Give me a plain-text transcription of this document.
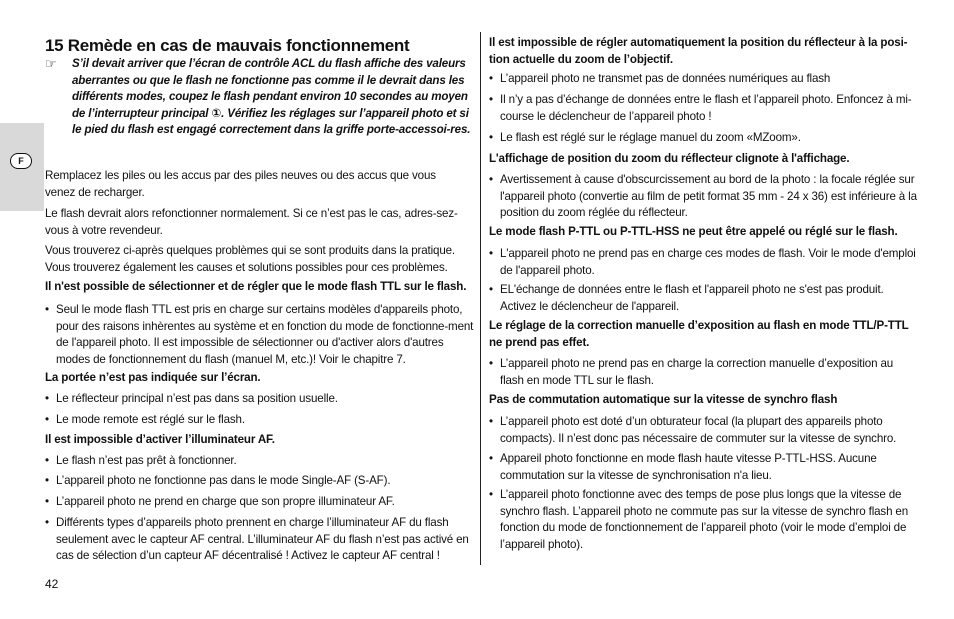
F
15 Remède en cas de mauvais fonctionnement
☞ S’il devait arriver que l’écran de contrôle ACL du flash affiche des valeurs aberrantes ou que le flash ne fonctionne pas comme il le devrait dans les différents modes, coupez le flash pendant environ 10 secondes au moyen de l’interrupteur principal ①. Vérifiez les réglages sur l’appareil photo et si le pied du flash est engagé correctement dans la griffe porte-accessoi-res.
Remplacez les piles ou les accus par des piles neuves ou des accus que vous venez de recharger.
Le flash devrait alors refonctionner normalement. Si ce n’est pas le cas, adres-sez-vous à votre revendeur.
Vous trouverez ci-après quelques problèmes qui se sont produits dans la pratique. Vous trouverez également les causes et solutions possibles pour ces problèmes.
Il n'est possible de sélectionner et de régler que le mode flash TTL sur le flash.
• Seul le mode flash TTL est pris en charge sur certains modèles d'appareils photo, pour des raisons inhèrentes au système et en fonction du mode de fonctionne-ment de l'appareil photo. Il est impossible de sélectionner ou d'activer alors d'autres modes de fonctionnement du flash (manuel M, etc.)! Voir le chapitre 7.
La portée n’est pas indiquée sur l’écran.
• Le réflecteur principal n’est pas dans sa position usuelle.
• Le mode remote est réglé sur le flash.
Il est impossible d’activer l’illuminateur AF.
• Le flash n’est pas prêt à fonctionner.
• L’appareil photo ne fonctionne pas dans le mode Single-AF (S-AF).
• L’appareil photo ne prend en charge que son propre illuminateur AF.
• Différents types d’appareils photo prennent en charge l’illuminateur AF du flash seulement avec le capteur AF central. L’illuminateur AF du flash n’est pas activé en cas de sélection d’un capteur AF décentralisé ! Activez le capteur AF central !
Il est impossible de régler automatiquement la position du réflecteur à la posi-tion actuelle du zoom de l’objectif.
• L’appareil photo ne transmet pas de données numériques au flash
• Il n’y a pas d’échange de données entre le flash et l’appareil photo. Enfoncez à mi-course le déclencheur de l’appareil photo !
• Le flash est réglé sur le réglage manuel du zoom «MZoom».
L'affichage de position du zoom du réflecteur clignote à l'affichage.
• Avertissement à cause d'obscurcissement au bord de la photo : la focale réglée sur l'appareil photo (convertie au film de petit format 35 mm - 24 x 36) est inférieure à la position du zoom réglée du réflecteur.
Le mode flash P-TTL ou P-TTL-HSS ne peut être appelé ou réglé sur le flash.
• L'appareil photo ne prend pas en charge ces modes de flash. Voir le mode d'emploi de l'appareil photo.
• EL'échange de données entre le flash et l'appareil photo ne s'est pas produit. Activez le déclencheur de l'appareil.
Le réglage de la correction manuelle d’exposition au flash en mode TTL/P-TTL ne prend pas effet.
• L’appareil photo ne prend pas en charge la correction manuelle d’exposition au flash en mode TTL sur le flash.
Pas de commutation automatique sur la vitesse de synchro flash
• L’appareil photo est doté d’un obturateur focal (la plupart des appareils photo compacts). Il n’est donc pas nécessaire de commuter sur la vitesse de synchro.
• Appareil photo fonctionne en mode flash haute vitesse P-TTL-HSS. Aucune commutation sur la vitesse de synchronisation n'a lieu.
• L’appareil photo fonctionne avec des temps de pose plus longs que la vitesse de synchro flash. L’appareil photo ne commute pas sur la vitesse de synchro flash en fonction du mode de fonctionnement de l’appareil photo (voir le mode d’emploi de l’appareil photo).
42
